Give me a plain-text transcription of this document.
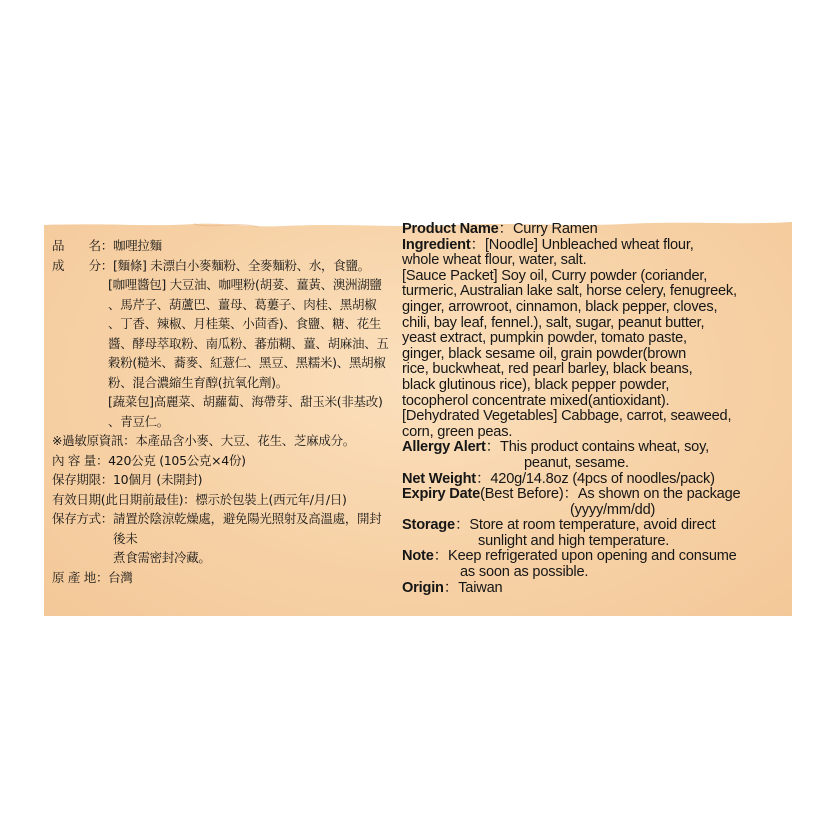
品　　名： 咖哩拉麵
成　　分： [麵條] 未漂白小麥麵粉、全麥麵粉、水，食鹽。
[咖哩醬包] 大豆油、咖哩粉(胡荽、薑黃、澳洲湖鹽
、馬芹子、葫蘆巴、薑母、葛蔞子、肉桂、黑胡椒
、丁香、辣椒、月桂葉、小茴香)、食鹽、糖、花生
醬、酵母萃取粉、南瓜粉、蕃茄糊、薑、胡麻油、五
穀粉(糙米、蕎麥、紅薏仁、黑豆、黑糯米)、黑胡椒
粉、混合濃縮生育醇(抗氧化劑)。
[蔬菜包]高麗菜、胡蘿蔔、海帶芽、甜玉米(非基改)
、青豆仁。
※過敏原資訊：本產品含小麥、大豆、花生、芝麻成分。
內 容 量： 420公克 (105公克×4份)
保存期限： 10個月 (未開封)
有效日期(此日期前最佳)： 標示於包裝上(西元年/月/日)
保存方式： 請置於陰涼乾燥處，避免陽光照射及高溫處，開封後未
煮食需密封冷藏。
原 產 地： 台灣

Product Name：Curry Ramen

Ingredient：[Noodle] Unbleached wheat flour,

whole wheat flour, water, salt.

[Sauce Packet] Soy oil, Curry powder (coriander,

turmeric, Australian lake salt, horse celery, fenugreek,

ginger, arrowroot, cinnamon, black pepper, cloves,

chili, bay leaf, fennel.), salt, sugar, peanut butter,

yeast extract, pumpkin powder, tomato paste,

ginger, black sesame oil, grain powder(brown

rice, buckwheat, red pearl barley, black beans,

black glutinous rice), black pepper powder,

tocopherol concentrate mixed(antioxidant).

[Dehydrated Vegetables] Cabbage, carrot, seaweed,

corn, green peas.

Allergy Alert：This product contains wheat, soy,

peanut, sesame.

Net Weight：420g/14.8oz (4pcs of noodles/pack)

Expiry Date(Best Before)：As shown on the package

(yyyy/mm/dd)

Storage：Store at room temperature, avoid direct

sunlight and high temperature.

Note：Keep refrigerated upon opening and consume

as soon as possible.

Origin：Taiwan
